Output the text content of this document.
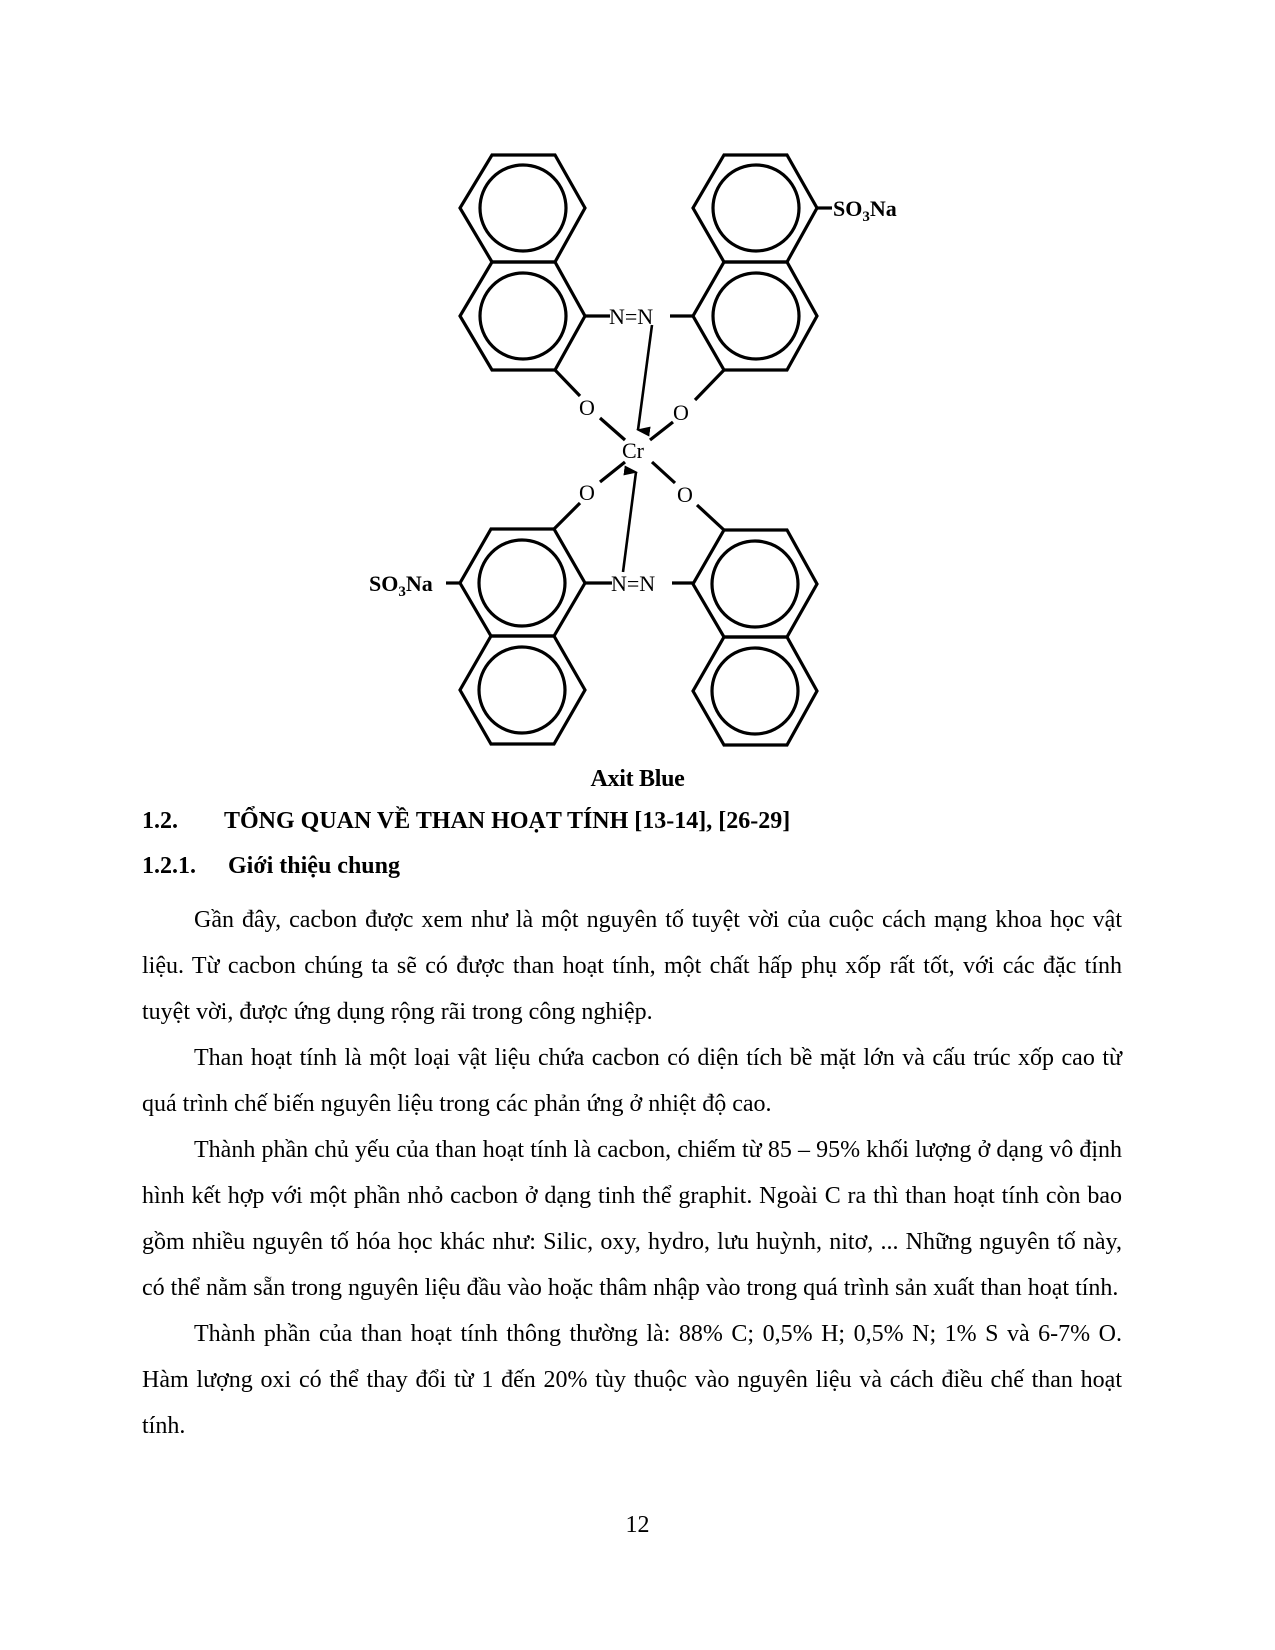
N=N
N=N
Cr
O	O
O	O
$SO_3Na$
$SO_3Na$
Axit Blue
1.2. TỔNG QUAN VỀ THAN HOẠT TÍNH [13-14], [26-29]
1.2.1. Giới thiệu chung

Gần đây, cacbon được xem như là một nguyên tố tuyệt vời của cuộc cách mạng khoa học vật liệu. Từ cacbon chúng ta sẽ có được than hoạt tính, một chất hấp phụ xốp rất tốt, với các đặc tính tuyệt vời, được ứng dụng rộng rãi trong công nghiệp.

Than hoạt tính là một loại vật liệu chứa cacbon có diện tích bề mặt lớn và cấu trúc xốp cao từ quá trình chế biến nguyên liệu trong các phản ứng ở nhiệt độ cao.

Thành phần chủ yếu của than hoạt tính là cacbon, chiếm từ 85 – 95% khối lượng ở dạng vô định hình kết hợp với một phần nhỏ cacbon ở dạng tinh thể graphit. Ngoài C ra thì than hoạt tính còn bao gồm nhiều nguyên tố hóa học khác như: Silic, oxy, hydro, lưu huỳnh, nitơ, ... Những nguyên tố này, có thể nằm sẵn trong nguyên liệu đầu vào hoặc thâm nhập vào trong quá trình sản xuất than hoạt tính.

Thành phần của than hoạt tính thông thường là: 88% C; 0,5% H; 0,5% N; 1% S và 6-7% O. Hàm lượng oxi có thể thay đổi từ 1 đến 20% tùy thuộc vào nguyên liệu và cách điều chế than hoạt tính.

12
